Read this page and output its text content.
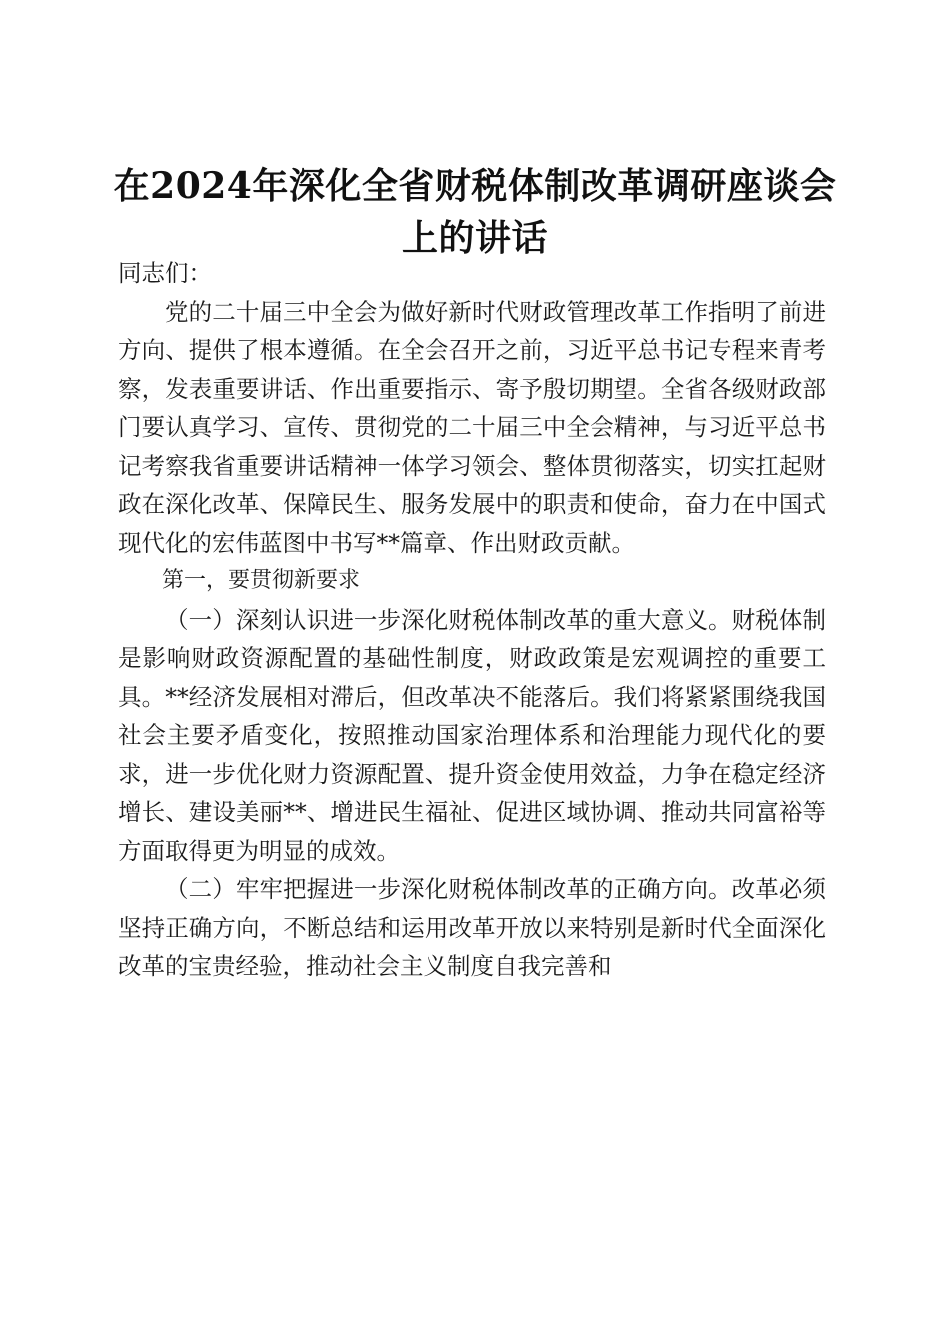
在2024年深化全省财税体制改革调研座谈会
上的讲话

同志们：

党的二十届三中全会为做好新时代财政管理改革工作指明了前进方向、提供了根本遵循。在全会召开之前，习近平总书记专程来青考察，发表重要讲话、作出重要指示、寄予殷切期望。全省各级财政部门要认真学习、宣传、贯彻党的二十届三中全会精神，与习近平总书记考察我省重要讲话精神一体学习领会、整体贯彻落实，切实扛起财政在深化改革、保障民生、服务发展中的职责和使命，奋力在中国式现代化的宏伟蓝图中书写**篇章、作出财政贡献。

第一，要贯彻新要求

（一）深刻认识进一步深化财税体制改革的重大意义。财税体制是影响财政资源配置的基础性制度，财政政策是宏观调控的重要工具。**经济发展相对滞后，但改革决不能落后。我们将紧紧围绕我国社会主要矛盾变化，按照推动国家治理体系和治理能力现代化的要求，进一步优化财力资源配置、提升资金使用效益，力争在稳定经济增长、建设美丽**、增进民生福祉、促进区域协调、推动共同富裕等方面取得更为明显的成效。

（二）牢牢把握进一步深化财税体制改革的正确方向。改革必须坚持正确方向，不断总结和运用改革开放以来特别是新时代全面深化改革的宝贵经验，推动社会主义制度自我完善和
